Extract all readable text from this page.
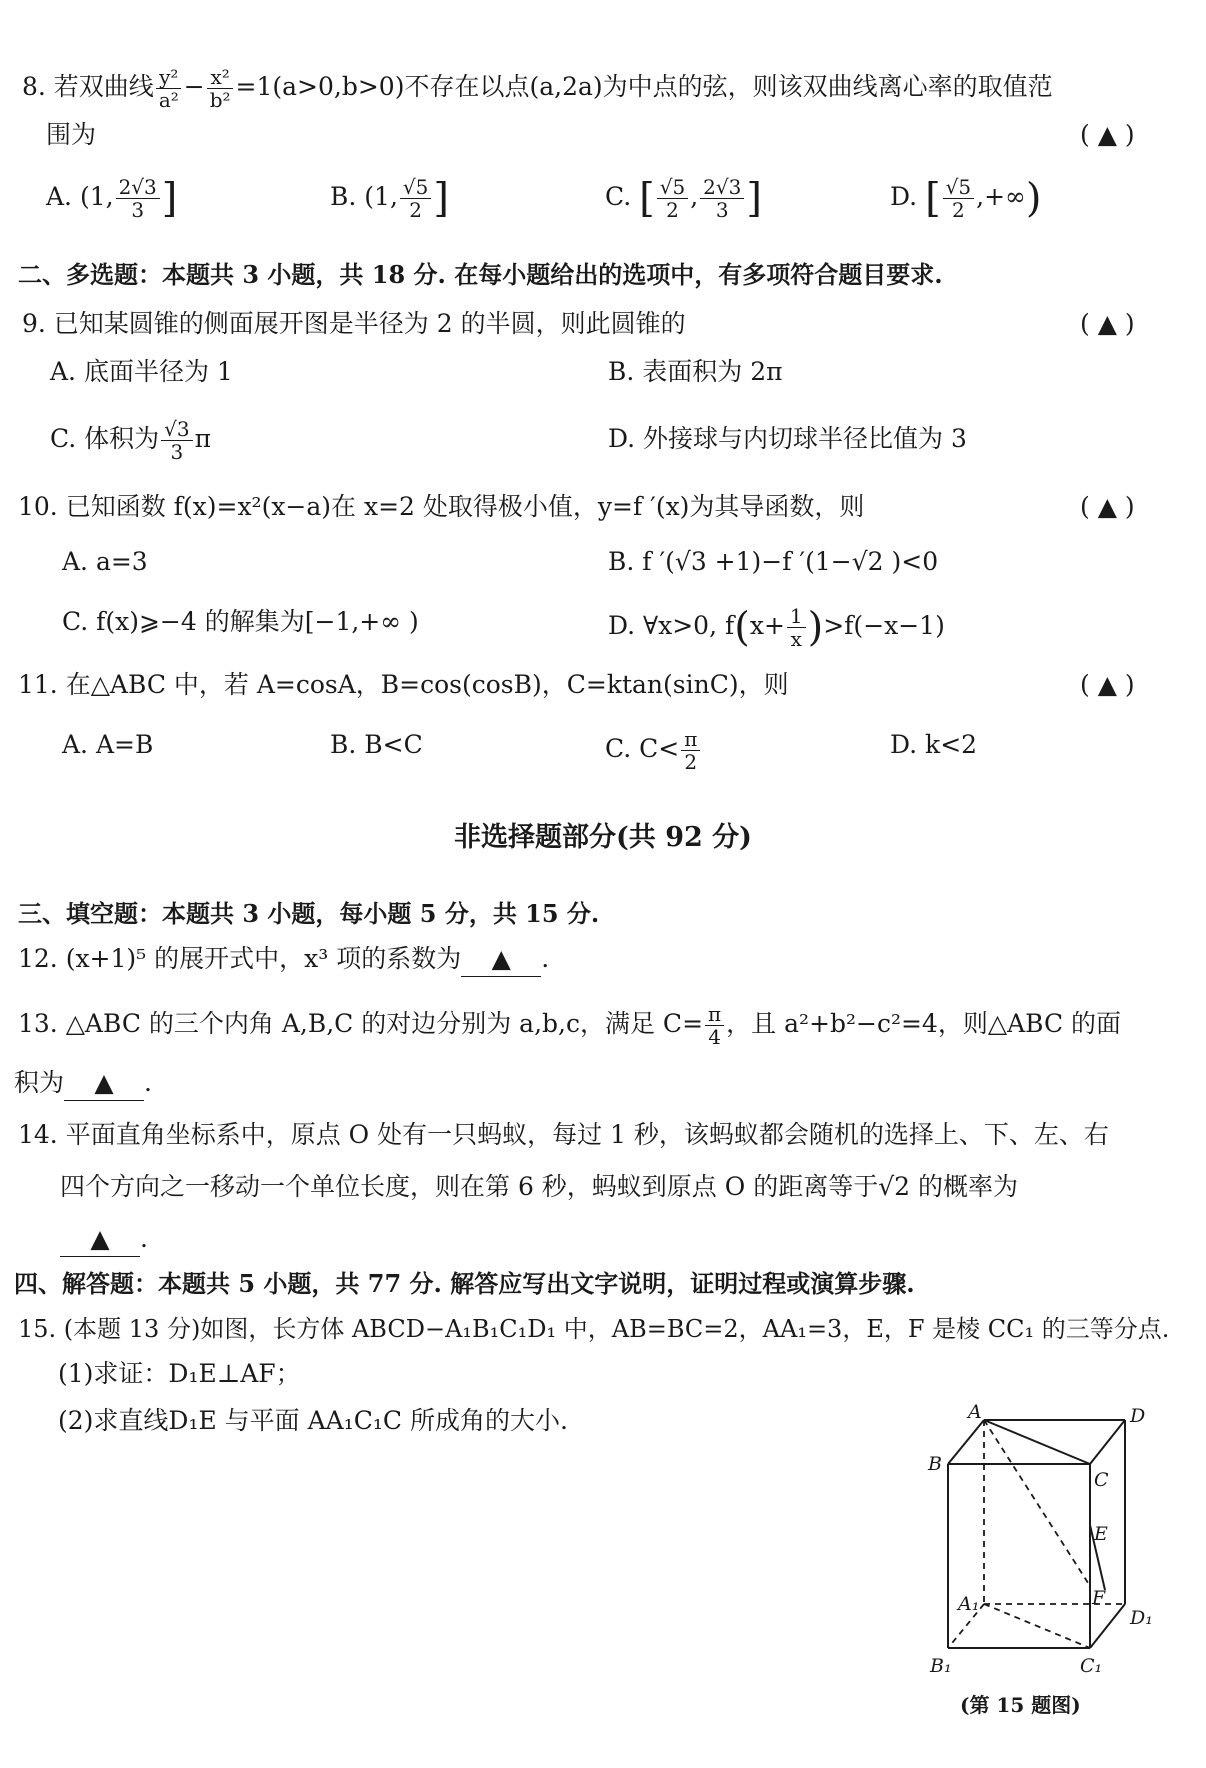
8. 若双曲线 $\frac{\text{y²}}{\text{a²}} - \frac{\text{x²}}{\text{b²}} =1(a>0,b>0)$不存在以点(a,2a)为中点的弦，则该双曲线离心率的取值范
围为	( ▲ )
A. (1, $\frac{2√3}{3}$ ]	B. (1, $\frac{√5}{2}$ ]	C. [ $\frac{√5}{2}$ , $\frac{2√3}{3}$ ]	D. [ $\frac{√5}{2}$ ,+∞)
二、多选题：本题共 3 小题，共 18 分. 在每小题给出的选项中，有多项符合题目要求.
9. 已知某圆锥的侧面展开图是半径为 2 的半圆，则此圆锥的	( ▲ )
A. 底面半径为 1	B. 表面积为 2π
C. 体积为 $\frac{√3}{3}$ π	D. 外接球与内切球半径比值为 3
10. 已知函数 f(x)=x²(x−a)在 x=2 处取得极小值，y=f ′(x)为其导函数，则	( ▲ )
A. a=3	B. f ′(√3 +1)−f ′(1−√2 )<0
C. f(x)⩾−4 的解集为[−1,+∞ )	D. ∀x>0, $f(x+ \frac{1}{x} )>f(-x-1)$
11. 在△ABC 中，若 A=cosA，B=cos(cosB)，C=ktan(sinC)，则	( ▲ )
A. A=B	B. B<C	C. $C< \frac{\pi}{2}$	D. k<2
非选择题部分(共 92 分)
三、填空题：本题共 3 小题，每小题 5 分，共 15 分.
12. (x+1)⁵ 的展开式中，x³ 项的系数为 ▲ .
13. △ABC 的三个内角 A,B,C 的对边分别为 a,b,c，满足 $C= \frac{\pi}{4}$ ，且 a²+b²−c²=4，则△ABC 的面
积为 ▲ .
14. 平面直角坐标系中，原点 O 处有一只蚂蚁，每过 1 秒，该蚂蚁都会随机的选择上、下、左、右
四个方向之一移动一个单位长度，则在第 6 秒，蚂蚁到原点 O 的距离等于√2 的概率为
▲ .
四、解答题：本题共 5 小题，共 77 分. 解答应写出文字说明，证明过程或演算步骤.
15. (本题 13 分)如图，长方体 ABCD−A₁B₁C₁D₁ 中，AB=BC=2，AA₁=3，E，F 是棱 CC₁ 的三等分点.
(1)求证：D₁E⊥AF；
(2)求直线D₁E 与平面 AA₁C₁C 所成角的大小.	A	D
B
C
E
F
A₁
D₁
B₁	C₁
(第 15 题图)
